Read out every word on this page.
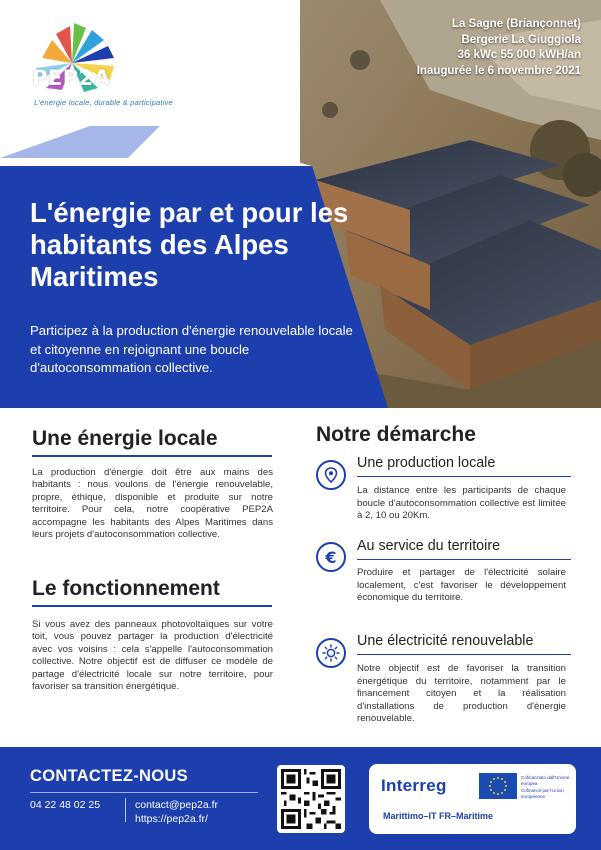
PEP2A
L'énergie locale, durable & participative
La Sagne (Briançonnet)
Bergerie La Giuggiola
36 kWc 55 000 kWH/an
Inaugurée le 6 novembre 2021
L'énergie par et pour les habitants des Alpes Maritimes

Participez à la production d'énergie renouvelable locale et citoyenne en rejoignant une boucle d'autoconsommation collective.

Une énergie locale

La production d'énergie doit être aux mains des habitants : nous voulons de l'énergie renouvelable, propre, éthique, disponible et produite sur notre territoire. Pour cela, notre coopérative PEP2A accompagne les habitants des Alpes Maritimes dans leurs projets d'autoconsommation collective.

Le fonctionnement

Si vous avez des panneaux photovoltaïques sur votre toit, vous pouvez partager la production d'électricité avec vos voisins : cela s'appelle l'autoconsommation collective. Notre objectif est de diffuser ce modèle de partage d'électricité locale sur notre territoire, pour favoriser sa transition énergétique.

Notre démarche
Une production locale

La distance entre les participants de chaque boucle d'autoconsommation collective est limitée à 2, 10 ou 20Km.

€
Au service du territoire

Produire et partager de l'électricité solaire localement, c'est favoriser le développement économique du territoire.

Une électricité renouvelable

Notre objectif est de favoriser la transition énergétique du territoire, notamment par le financement citoyen et la réalisation d'installations de production d'énergie renouvelable.

CONTACTEZ-NOUS
04 22 48 02 25	contact@pep2a.fr
https://pep2a.fr/
Interreg	Cofinanziato dall'Unione europea
Cofinancé par l'Union européenne
Marittimo–IT FR–Maritime
